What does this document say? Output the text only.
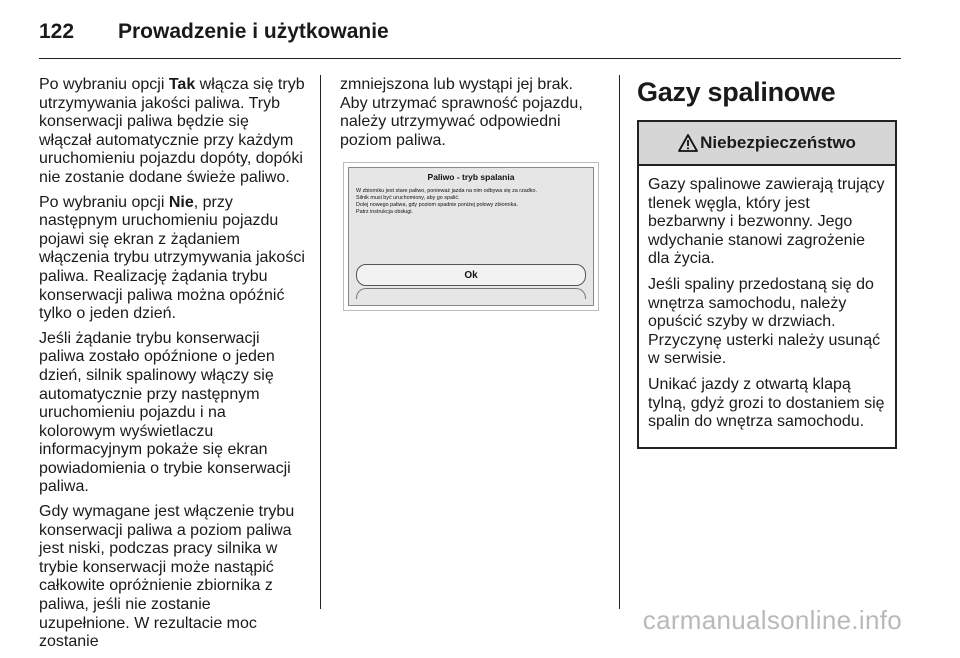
122 Prowadzenie i użytkowanie

Po wybraniu opcji Tak włącza się tryb utrzymywania jakości paliwa. Tryb konserwacji paliwa będzie się włączał automatycznie przy każdym uruchomieniu pojazdu dopóty, dopóki nie zostanie dodane świeże paliwo.

Po wybraniu opcji Nie, przy następnym uruchomieniu pojazdu pojawi się ekran z żądaniem włączenia trybu utrzymywania jakości paliwa. Realizację żądania trybu konserwacji paliwa można opóźnić tylko o jeden dzień.

Jeśli żądanie trybu konserwacji paliwa zostało opóźnione o jeden dzień, silnik spalinowy włączy się automatycznie przy następnym uruchomieniu pojazdu i na kolorowym wyświetlaczu informacyjnym pokaże się ekran powiadomienia o trybie konserwacji paliwa.

Gdy wymagane jest włączenie trybu konserwacji paliwa a poziom paliwa jest niski, podczas pracy silnika w trybie konserwacji może nastąpić całkowite opróżnienie zbiornika z paliwa, jeśli nie zostanie uzupełnione. W rezultacie moc zostanie

zmniejszona lub wystąpi jej brak. Aby utrzymać sprawność pojazdu, należy utrzymywać odpowiedni poziom paliwa.

Paliwo - tryb spalania
W zbiorniku jest stare paliwo, ponieważ jazda na nim odbywa się za rzadko.
Silnik musi być uruchomiony, aby go spalić.
Dolej nowego paliwa, gdy poziom spadnie poniżej połowy zbiornika.
Patrz instrukcja obsługi.
Ok
Gazy spalinowe
Niebezpieczeństwo

Gazy spalinowe zawierają trujący tlenek węgla, który jest bezbarwny i bezwonny. Jego wdychanie stanowi zagrożenie dla życia.

Jeśli spaliny przedostaną się do wnętrza samochodu, należy opuścić szyby w drzwiach. Przyczynę usterki należy usunąć w serwisie.

Unikać jazdy z otwartą klapą tylną, gdyż grozi to dostaniem się spalin do wnętrza samochodu.

carmanualsonline.info
